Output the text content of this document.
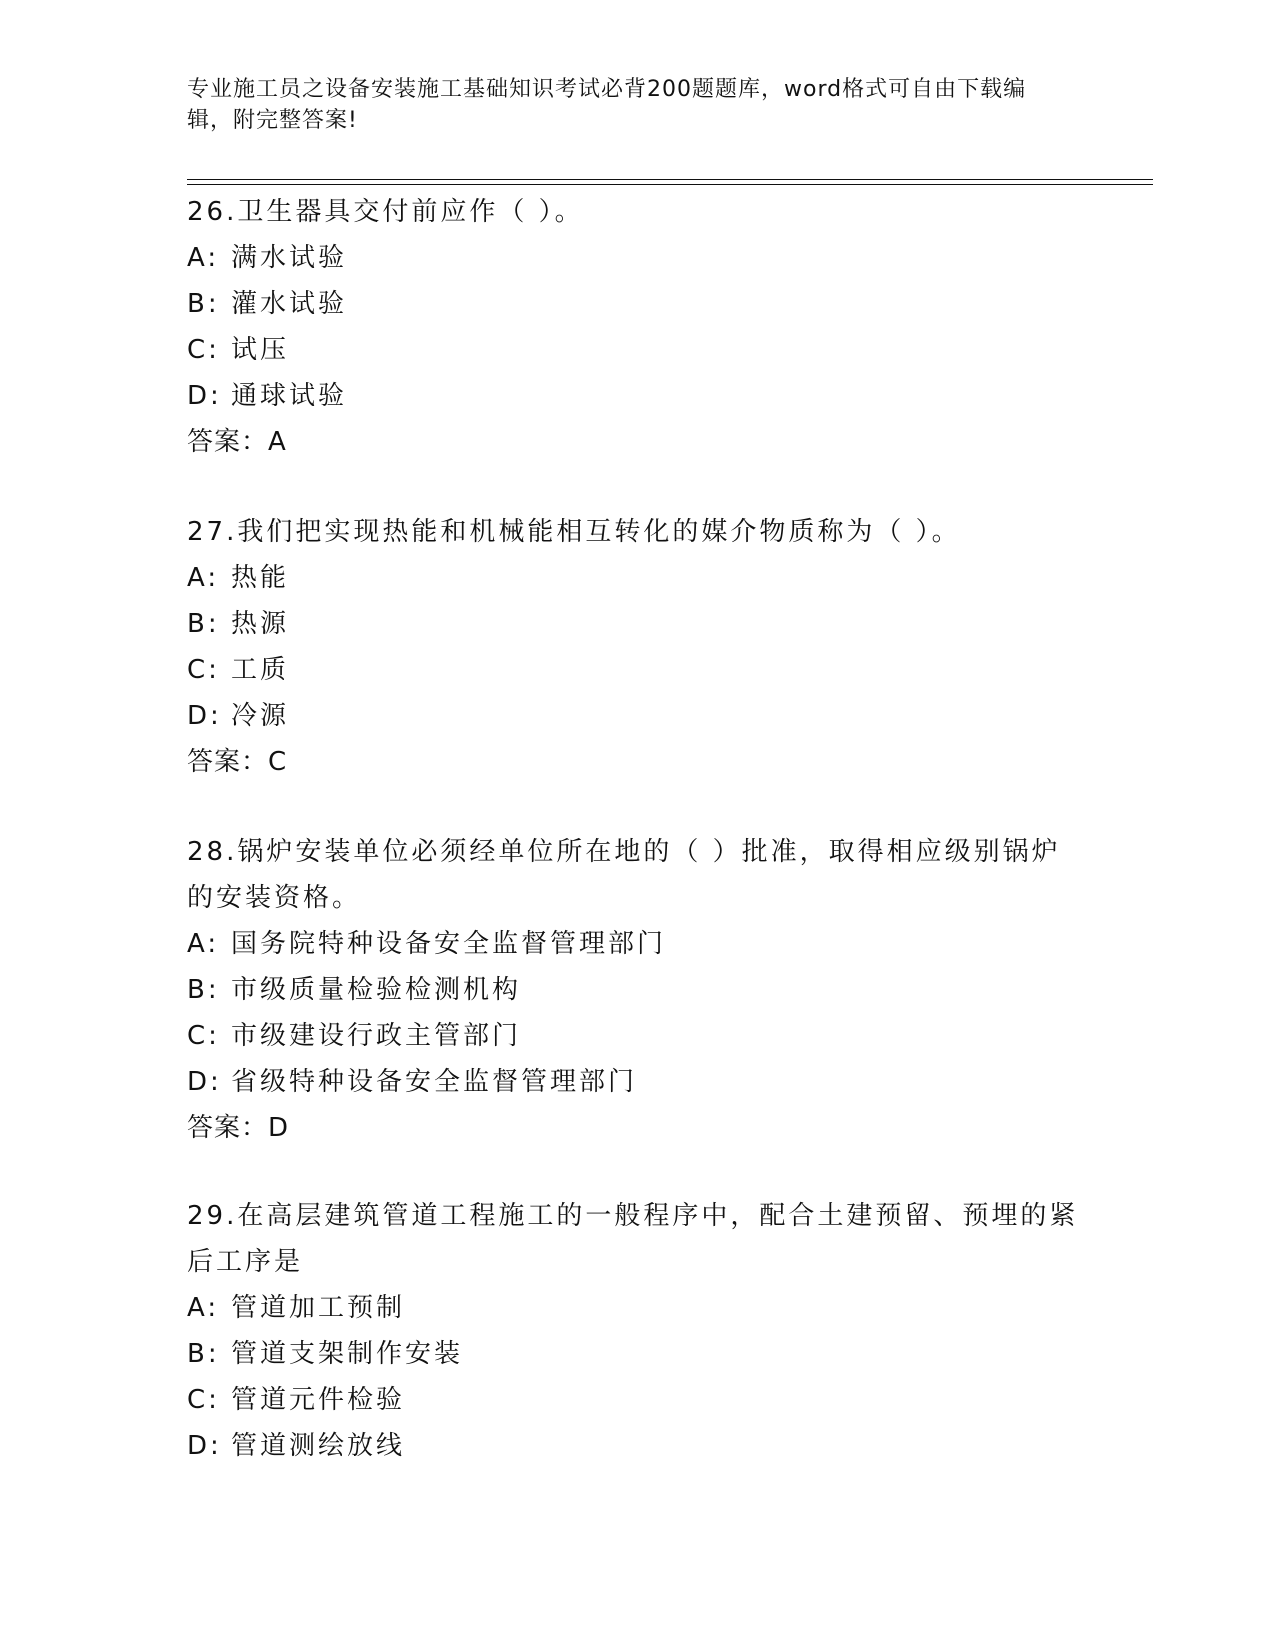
专业施工员之设备安装施工基础知识考试必背200题题库，word格式可自由下载编辑，附完整答案!

26.卫生器具交付前应作（ ）。

A: 满水试验

B: 灌水试验

C: 试压

D: 通球试验

答案：A

27.我们把实现热能和机械能相互转化的媒介物质称为（ ）。

A: 热能

B: 热源

C: 工质

D: 冷源

答案：C

28.锅炉安装单位必须经单位所在地的（ ）批准，取得相应级别锅炉的安装资格。

A: 国务院特种设备安全监督管理部门

B: 市级质量检验检测机构

C: 市级建设行政主管部门

D: 省级特种设备安全监督管理部门

答案：D

29.在高层建筑管道工程施工的一般程序中，配合土建预留、预埋的紧后工序是

A: 管道加工预制

B: 管道支架制作安装

C: 管道元件检验

D: 管道测绘放线
